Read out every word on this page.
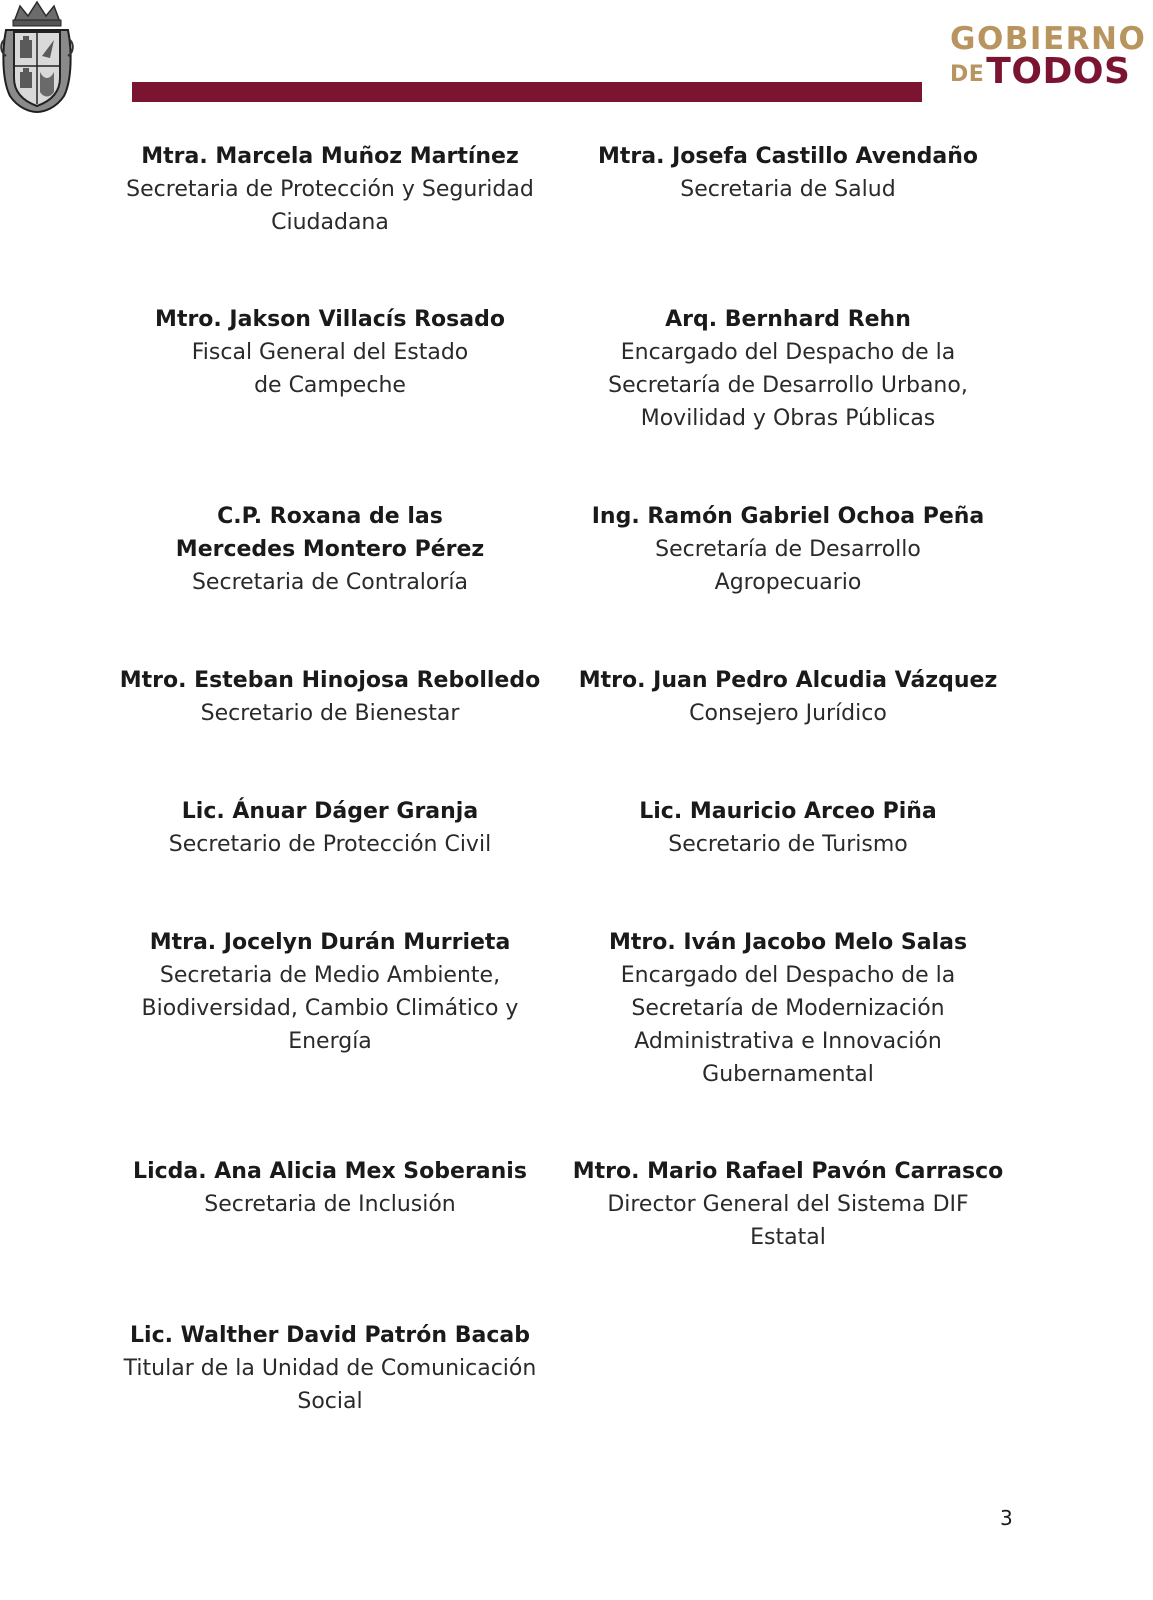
GOBIERNO
DETODOS
Mtra. Marcela Muñoz Martínez
Secretaria de Protección y Seguridad Ciudadana
Mtra. Josefa Castillo Avendaño
Secretaria de Salud
Mtro. Jakson Villacís Rosado
Fiscal General del Estado de Campeche
Arq. Bernhard Rehn
Encargado del Despacho de la Secretaría de Desarrollo Urbano, Movilidad y Obras Públicas
C.P. Roxana de las Mercedes Montero Pérez
Secretaria de Contraloría
Ing. Ramón Gabriel Ochoa Peña
Secretaría de Desarrollo Agropecuario
Mtro. Esteban Hinojosa Rebolledo
Secretario de Bienestar
Mtro. Juan Pedro Alcudia Vázquez
Consejero Jurídico
Lic. Ánuar Dáger Granja
Secretario de Protección Civil
Lic. Mauricio Arceo Piña
Secretario de Turismo
Mtra. Jocelyn Durán Murrieta
Secretaria de Medio Ambiente, Biodiversidad, Cambio Climático y Energía
Mtro. Iván Jacobo Melo Salas
Encargado del Despacho de la Secretaría de Modernización Administrativa e Innovación Gubernamental
Licda. Ana Alicia Mex Soberanis
Secretaria de Inclusión
Mtro. Mario Rafael Pavón Carrasco
Director General del Sistema DIF Estatal
Lic. Walther David Patrón Bacab
Titular de la Unidad de Comunicación Social
3
